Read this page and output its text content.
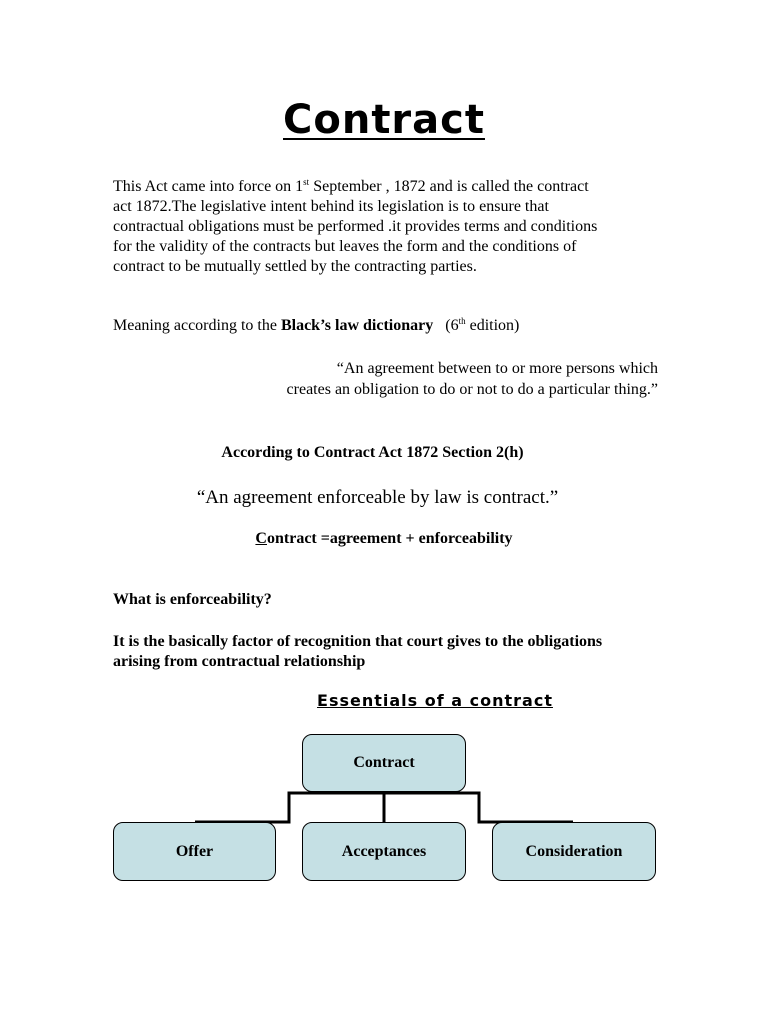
Contract
This Act came into force on 1st September , 1872 and is called the contract
act 1872.The legislative intent behind its legislation is to ensure that
contractual obligations must be performed .it provides terms and conditions
for the validity of the contracts but leaves the form and the conditions of
contract to be mutually settled by the contracting parties.
Meaning according to the Black’s law dictionary   (6th edition)
“An agreement between to or more persons which
creates an obligation to do or not to do a particular thing.”
According to Contract Act 1872 Section 2(h)
“An agreement enforceable by law is contract.”
Contract =agreement + enforceability
What is enforceability?
It is the basically factor of recognition that court gives to the obligations
arising from contractual relationship
Essentials of a contract
Contract
Offer	Acceptances	Consideration
